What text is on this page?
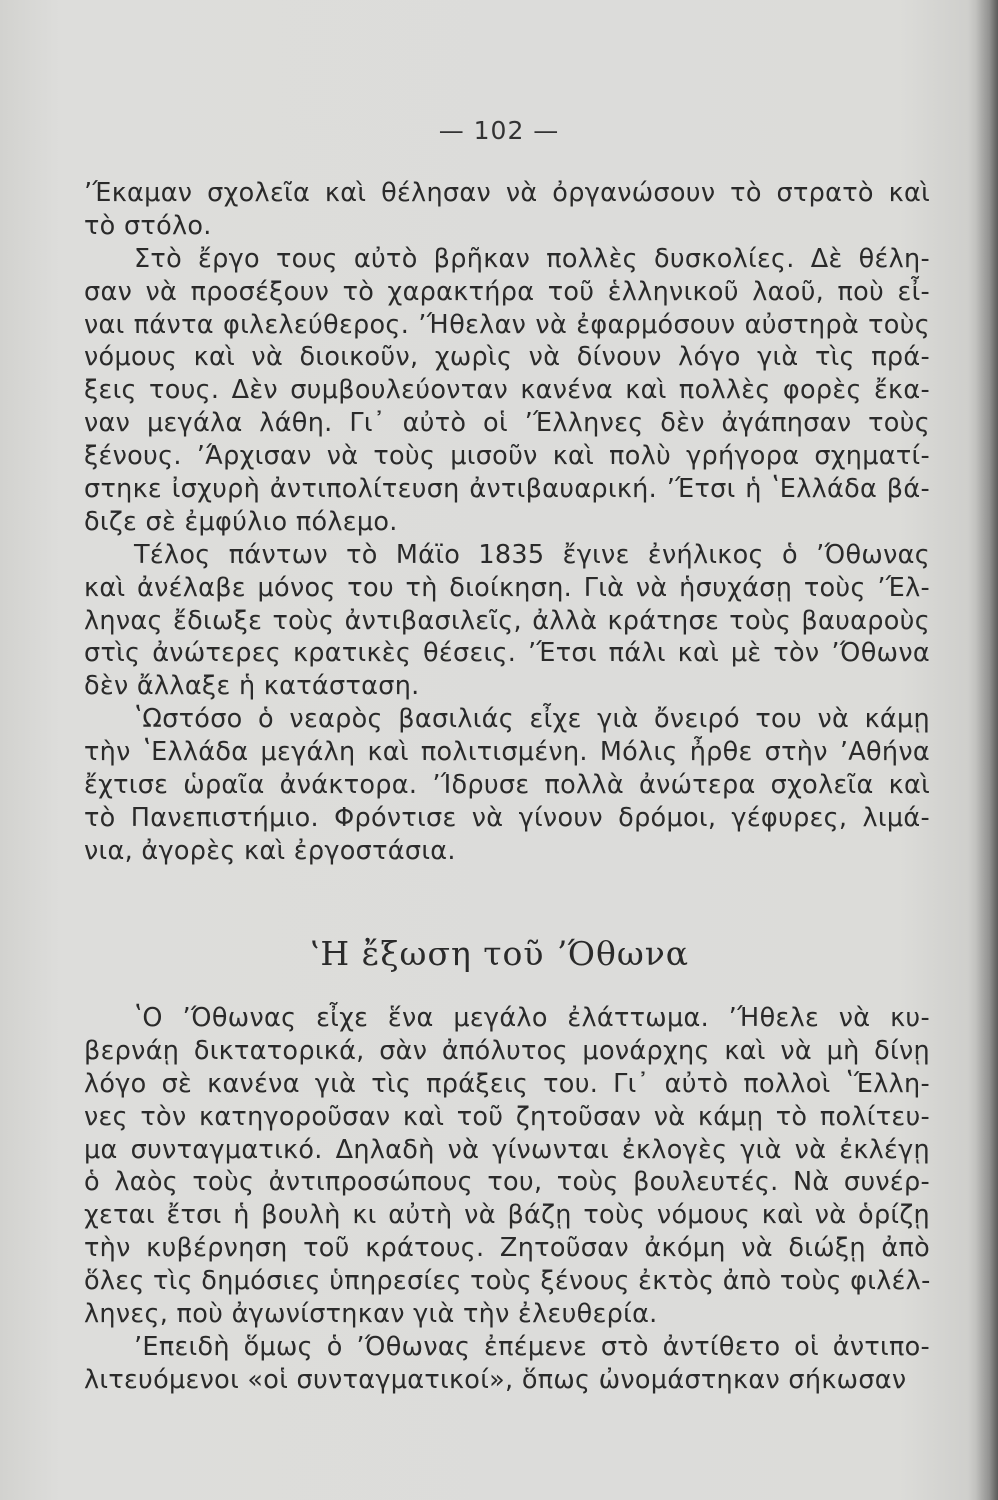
— 102 —
ʼΈκαμαν σχολεῖα καὶ θέλησαν νὰ ὀργανώσουν τὸ στρατὸ καὶ
τὸ στόλο.
Στὸ ἔργο τους αὐτὸ βρῆκαν πολλὲς δυσκολίες. Δὲ θέλη-
σαν νὰ προσέξουν τὸ χαρακτήρα τοῦ ἑλληνικοῦ λαοῦ, ποὺ εἶ-
ναι πάντα φιλελεύθερος. ʼΉθελαν νὰ ἐφαρμόσουν αὐστηρὰ τοὺς
νόμους καὶ νὰ διοικοῦν, χωρὶς νὰ δίνουν λόγο γιὰ τὶς πρά-
ξεις τους. Δὲν συμβουλεύονταν κανένα καὶ πολλὲς φορὲς ἔκα-
ναν μεγάλα λάθη. Γι᾽ αὐτὸ οἱ ʼΈλληνες δὲν ἀγάπησαν τοὺς
ξένους. ʼΆρχισαν νὰ τοὺς μισοῦν καὶ πολὺ γρήγορα σχηματί-
στηκε ἰσχυρὴ ἀντιπολίτευση ἀντιβαυαρική. ʼΈτσι ἡ ʽΕλλάδα βά-
διζε σὲ ἐμφύλιο πόλεμο.
Τέλος πάντων τὸ Μάϊο 1835 ἔγινε ἐνήλικος ὁ ʼΌθωνας
καὶ ἀνέλαβε μόνος του τὴ διοίκηση. Γιὰ νὰ ἡσυχάσῃ τοὺς ʼΈλ-
ληνας ἔδιωξε τοὺς ἀντιβασιλεῖς, ἀλλὰ κράτησε τοὺς βαυαροὺς
στὶς ἀνώτερες κρατικὲς θέσεις. ʼΈτσι πάλι καὶ μὲ τὸν ʼΌθωνα
δὲν ἄλλαξε ἡ κατάσταση.
ʽΩστόσο ὁ νεαρὸς βασιλιάς εἶχε γιὰ ὄνειρό του νὰ κάμῃ
τὴν ʽΕλλάδα μεγάλη καὶ πολιτισμένη. Μόλις ἦρθε στὴν ʼΑθήνα
ἔχτισε ὡραῖα ἀνάκτορα. ʼΊδρυσε πολλὰ ἀνώτερα σχολεῖα καὶ
τὸ Πανεπιστήμιο. Φρόντισε νὰ γίνουν δρόμοι, γέφυρες, λιμά-
νια, ἀγορὲς καὶ ἐργοστάσια.
ʽΗ ἔξωση τοῦ ʼΌθωνα
ʽΟ ʼΌθωνας εἶχε ἕνα μεγάλο ἐλάττωμα. ʼΉθελε νὰ κυ-
βερνάῃ δικτατορικά, σὰν ἀπόλυτος μονάρχης καὶ νὰ μὴ δίνῃ
λόγο σὲ κανένα γιὰ τὶς πράξεις του. Γι᾽ αὐτὸ πολλοὶ ʽΈλλη-
νες τὸν κατηγοροῦσαν καὶ τοῦ ζητοῦσαν νὰ κάμῃ τὸ πολίτευ-
μα συνταγματικό. Δηλαδὴ νὰ γίνωνται ἐκλογὲς γιὰ νὰ ἐκλέγῃ
ὁ λαὸς τοὺς ἀντιπροσώπους του, τοὺς βουλευτές. Νὰ συνέρ-
χεται ἔτσι ἡ βουλὴ κι αὐτὴ νὰ βάζῃ τοὺς νόμους καὶ νὰ ὁρίζῃ
τὴν κυβέρνηση τοῦ κράτους. Ζητοῦσαν ἀκόμη νὰ διώξῃ ἀπὸ
ὅλες τὶς δημόσιες ὑπηρεσίες τοὺς ξένους ἐκτὸς ἀπὸ τοὺς φιλέλ-
ληνες, ποὺ ἀγωνίστηκαν γιὰ τὴν ἐλευθερία.
ʼΕπειδὴ ὅμως ὁ ʼΌθωνας ἐπέμενε στὸ ἀντίθετο οἱ ἀντιπο-
λιτευόμενοι «οἱ συνταγματικοί», ὅπως ὠνομάστηκαν σήκωσαν
